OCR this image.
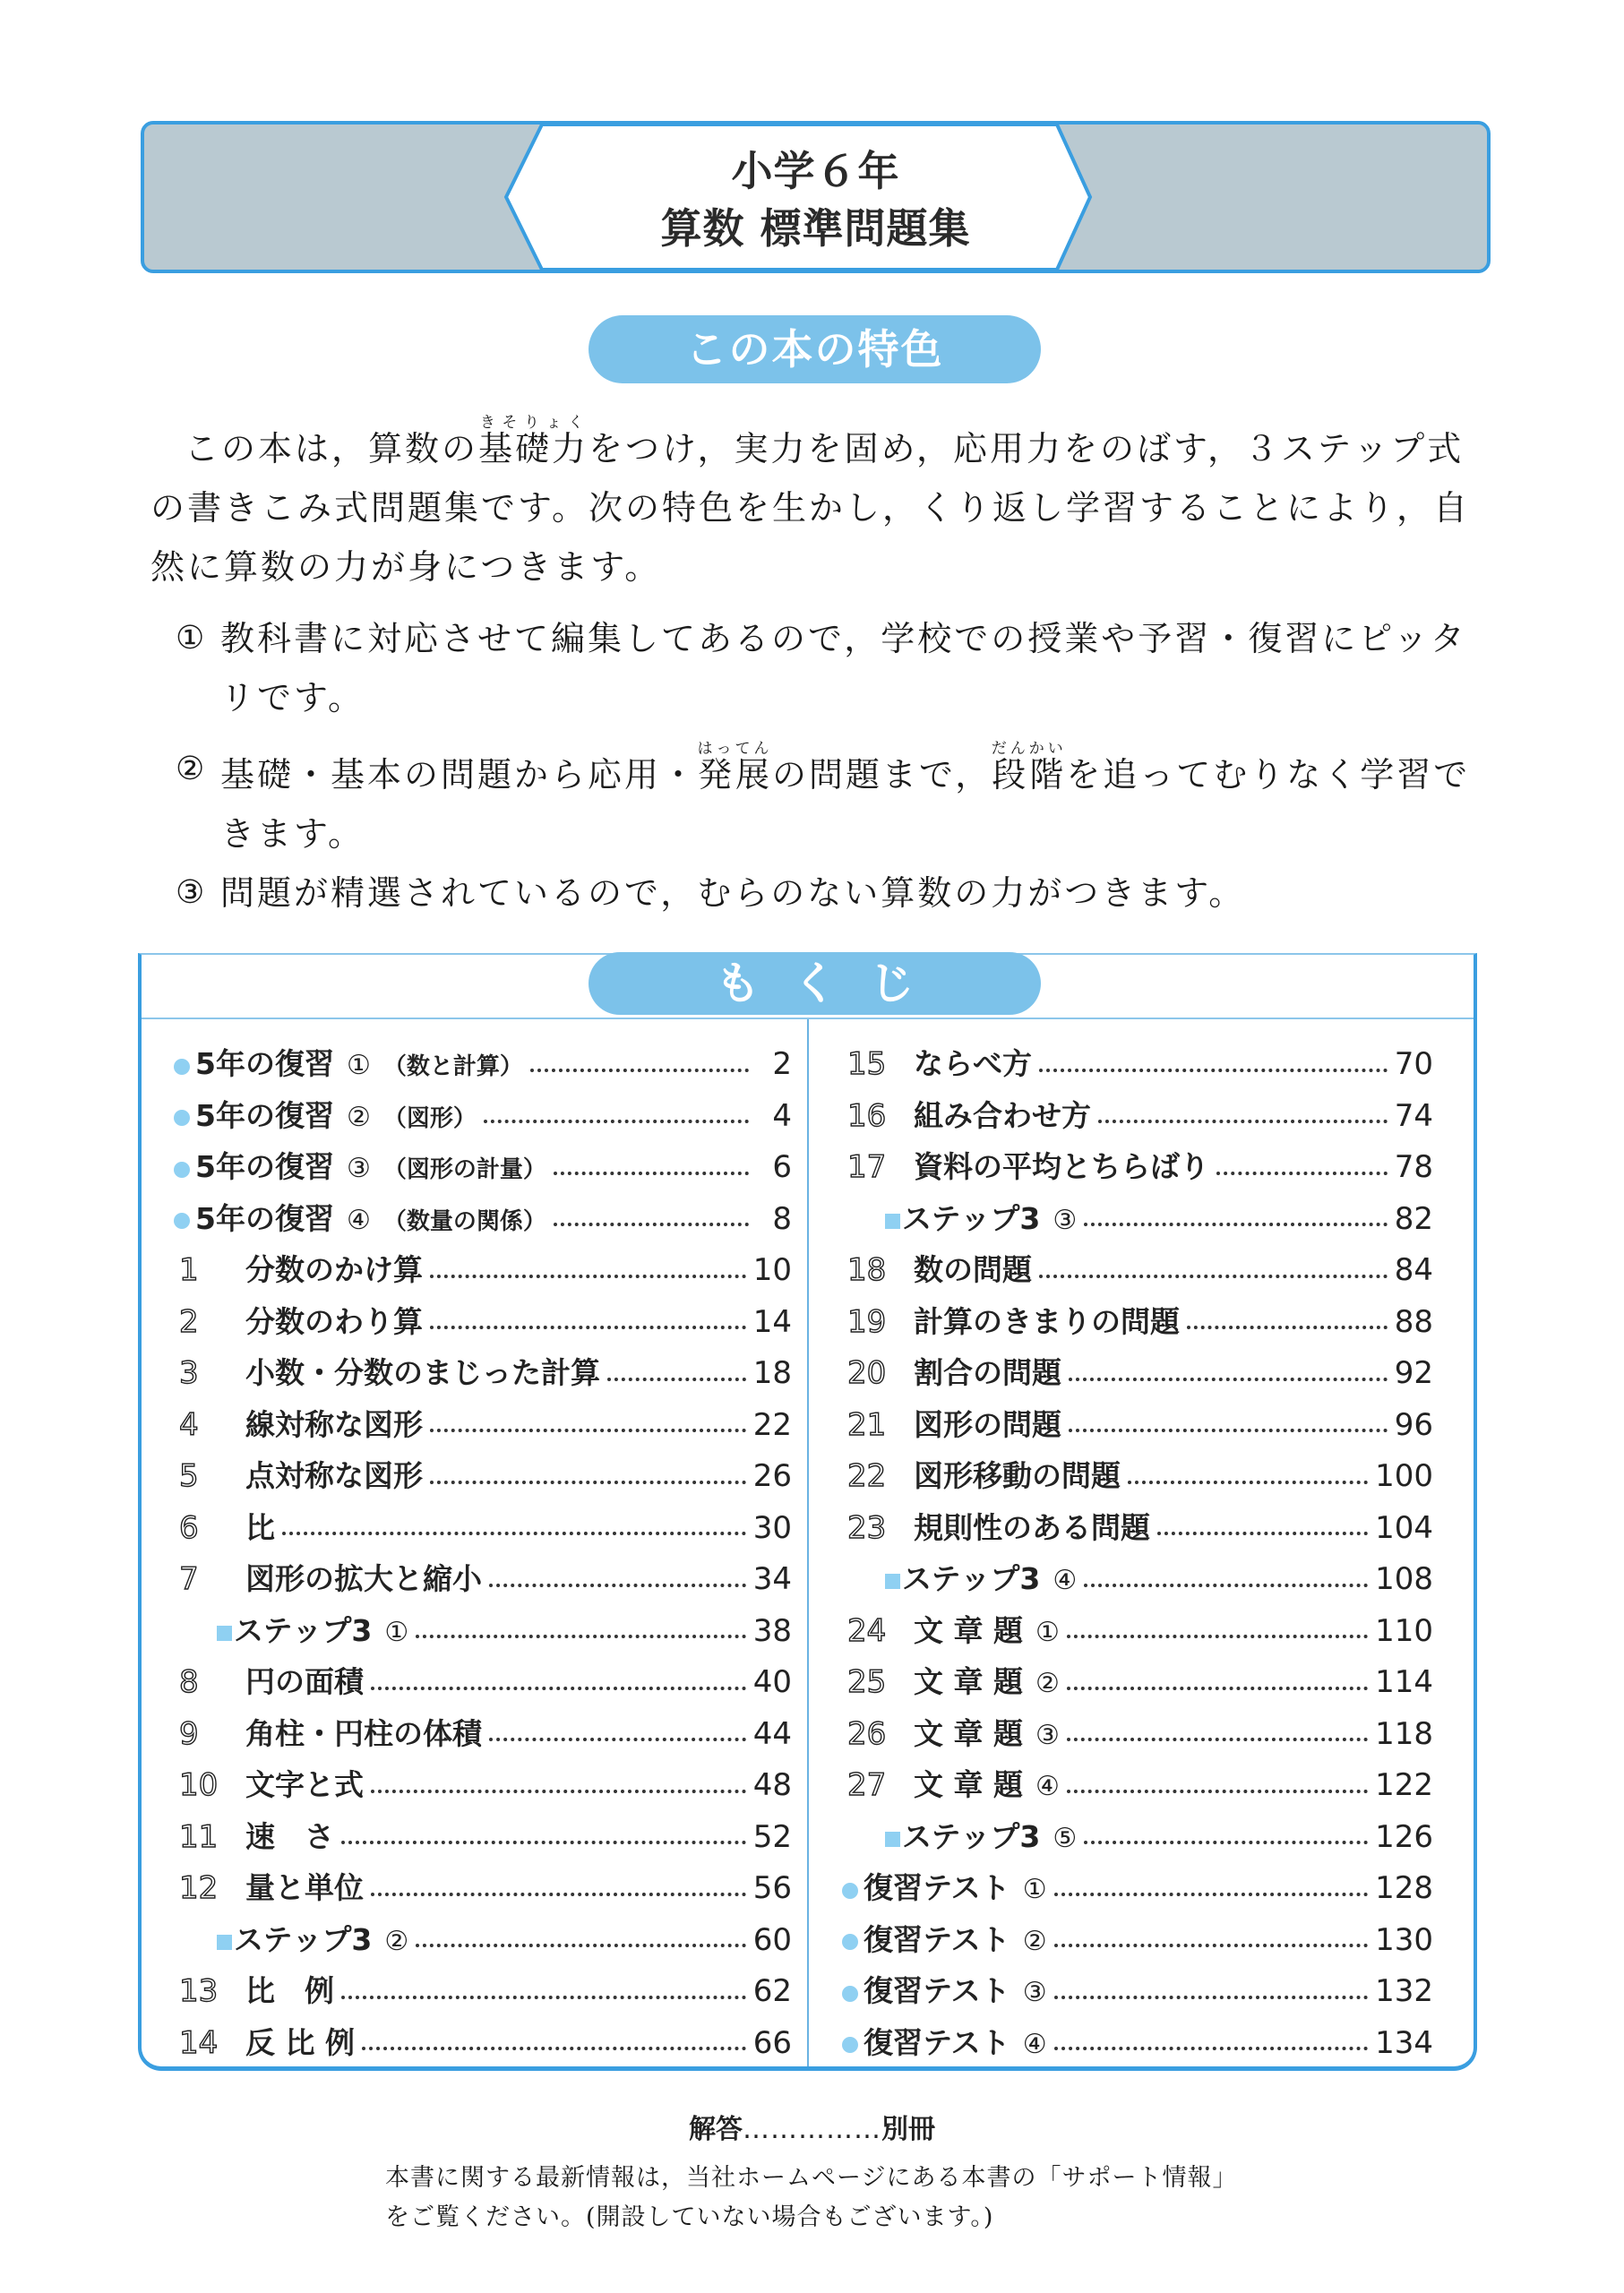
小学６年
算数 標準問題集
この本の特色

この本は，算数の基礎力きそりょくをつけ，実力を固め，応用力をのばす，３ステップ式の書きこみ式問題集です。次の特色を生かし，くり返し学習することにより，自然に算数の力が身につきます。

① 教科書に対応させて編集してあるので，学校での授業や予習・復習にピッタリです。
② 基礎・基本の問題から応用・発展はってんの問題まで，段階だんかいを追ってむりなく学習できます。
③ 問題が精選されているので，むらのない算数の力がつきます。
5年の復習 ① （数と計算）	2
5年の復習 ② （図形）	4
5年の復習 ③ （図形の計量）	6
5年の復習 ④ （数量の関係）	8
1	分数のかけ算	10
2	分数のわり算	14
3	小数・分数のまじった計算	18
4	線対称な図形	22
5	点対称な図形	26
6	比	30
7	図形の拡大と縮小	34
ステップ3 ①	38
8	円の面積	40
9	角柱・円柱の体積	44
10 文字と式	48
11 速　さ	52
12 量と単位	56
ステップ3 ②	60
13 比　例	62
14 反 比 例	66
15 ならべ方	70
16 組み合わせ方	74
17 資料の平均とちらばり	78
ステップ3 ③	82
18 数の問題	84
19 計算のきまりの問題	88
20 割合の問題	92
21 図形の問題	96
22 図形移動の問題	100
23 規則性のある問題	104
ステップ3 ④	108
24 文 章 題 ①	110
25 文 章 題 ②	114
26 文 章 題 ③	118
27 文 章 題 ④	122
ステップ3 ⑤	126
復習テスト ①	128
復習テスト ②	130
復習テスト ③	132
復習テスト ④	134
もくじ
解答……………別冊
本書に関する最新情報は，当社ホームページにある本書の「サポート情報」
をご覧ください。(開設していない場合もございます。)
